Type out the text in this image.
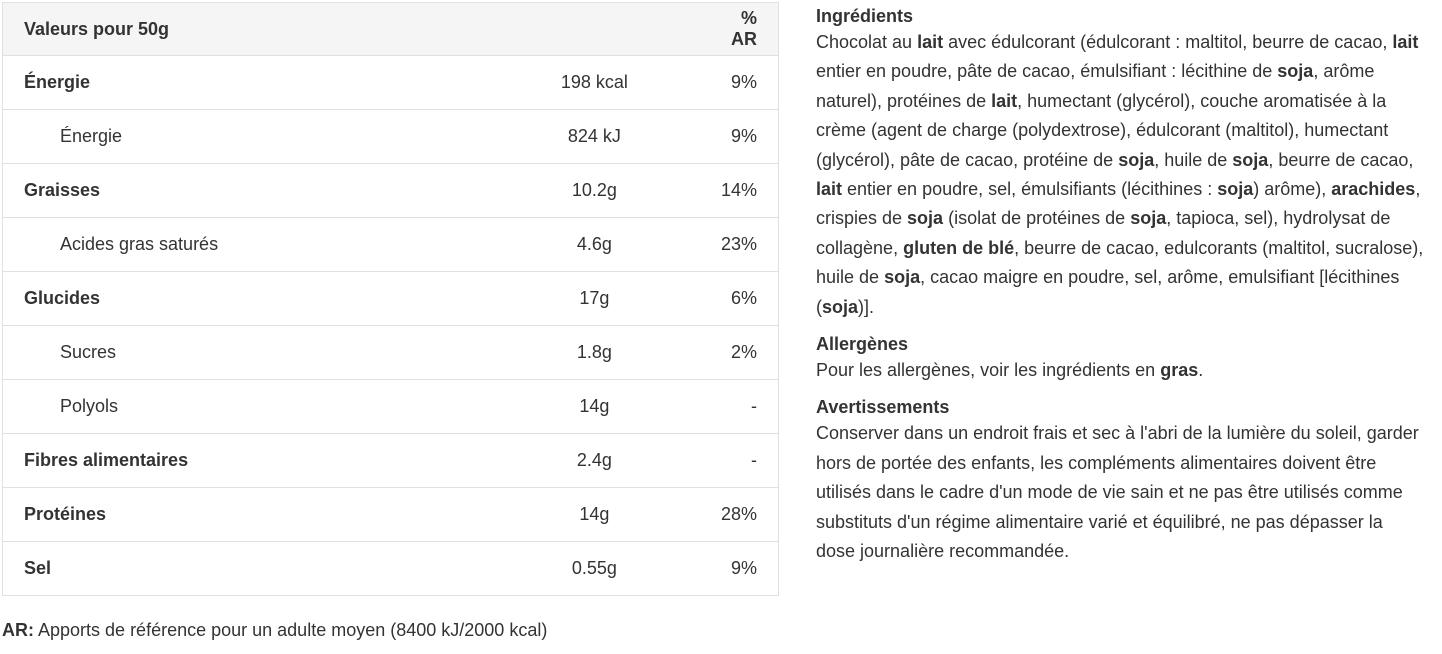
Valeurs pour 50g		% AR
Énergie	198 kcal	9%
Énergie	824 kJ	9%
Graisses	10.2g	14%
Acides gras saturés	4.6g	23%
Glucides	17g	6%
Sucres	1.8g	2%
Polyols	14g	-
Fibres alimentaires	2.4g	-
Protéines	14g	28%
Sel	0.55g	9%
AR: Apports de référence pour un adulte moyen (8400 kJ/2000 kcal)
Ingrédients

Chocolat au lait avec édulcorant (édulcorant : maltitol, beurre de cacao, lait entier en poudre, pâte de cacao, émulsifiant : lécithine de soja, arôme naturel), protéines de lait, humectant (glycérol), couche aromatisée à la crème (agent de charge (polydextrose), édulcorant (maltitol), humectant (glycérol), pâte de cacao, protéine de soja, huile de soja, beurre de cacao, lait entier en poudre, sel, émulsifiants (lécithines : soja) arôme), arachides, crispies de soja (isolat de protéines de soja, tapioca, sel), hydrolysat de collagène, gluten de blé, beurre de cacao, edulcorants (maltitol, sucralose), huile de soja, cacao maigre en poudre, sel, arôme, emulsifiant [lécithines (soja)].

Allergènes

Pour les allergènes, voir les ingrédients en gras.

Avertissements

Conserver dans un endroit frais et sec à l'abri de la lumière du soleil, garder hors de portée des enfants, les compléments alimentaires doivent être utilisés dans le cadre d'un mode de vie sain et ne pas être utilisés comme substituts d'un régime alimentaire varié et équilibré, ne pas dépasser la dose journalière recommandée.
